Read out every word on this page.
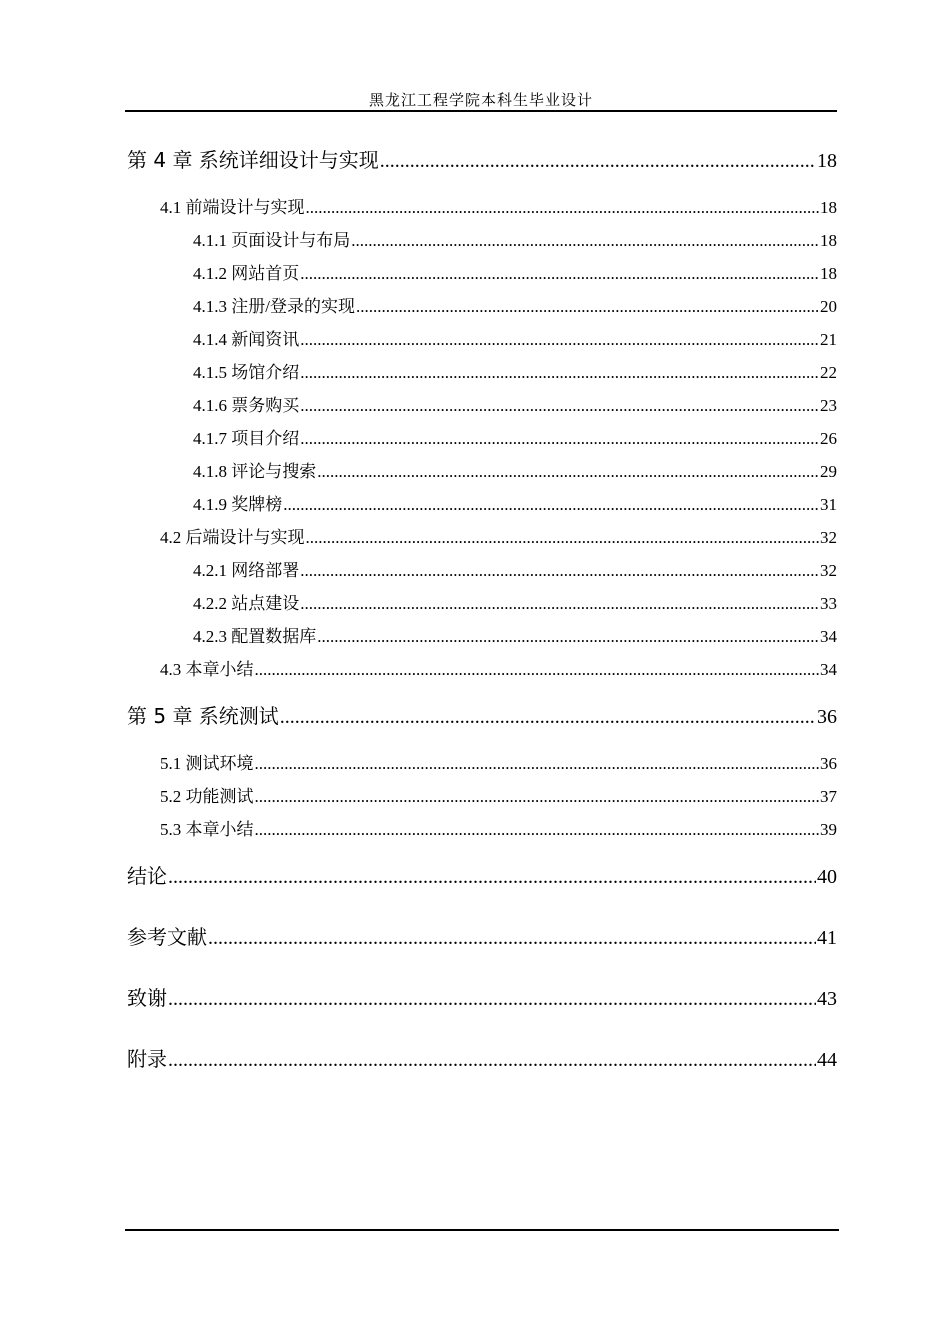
黑龙江工程学院本科生毕业设计
第 4 章 系统详细设计与实现 .....	18
4.1 前端设计与实现 .....	18
4.1.1 页面设计与布局 .....	18
4.1.2 网站首页 .....	18
4.1.3 注册/登录的实现 .....	20
4.1.4 新闻资讯 .....	21
4.1.5 场馆介绍 .....	22
4.1.6 票务购买 .....	23
4.1.7 项目介绍 .....	26
4.1.8 评论与搜索 .....	29
4.1.9 奖牌榜 .....	31
4.2 后端设计与实现 .....	32
4.2.1 网络部署 .....	32
4.2.2 站点建设 .....	33
4.2.3 配置数据库 .....	34
4.3 本章小结 .....	34
第 5 章 系统测试 .....	36
5.1 测试环境 .....	36
5.2 功能测试 .....	37
5.3 本章小结 .....	39
结论 .....	40
参考文献 .....	41
致谢 .....	43
附录 .....	44
